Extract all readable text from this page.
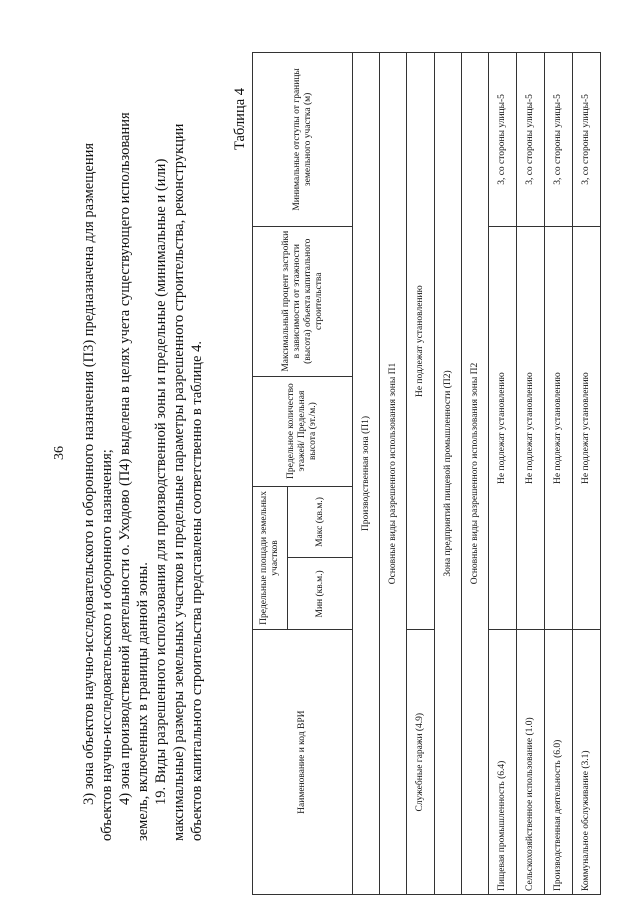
36 3) зона объектов научно-исследовательского и оборонного назначения (П3) предназначена для размещения объектов научно-исследовательского и оборонного назначения; 4) зона производственной деятельности о. Уходово (П4) выделена в целях учета существующего использования земель, включенных в границы данной зоны. 19. Виды разрешенного использования для производственной зоны и предельные (минимальные и (или) максимальные) размеры земельных участков и предельные параметры разрешенного строительства, реконструкции объектов капитального строительства представлены соответственно в таблице 4.
Таблица 4
Наименование и код ВРИ	Предельные площади земельных участков		Предельное количество этажей/ Предельная высота (эт./м.)	Максимальный процент застройки в зависимости от этажности (высота) объекта капитального строительства	Минимальные отступы от границы земельного участка (м)
	Мин (кв.м.)	Макс (кв.м.)			
Производственная зона (П1)					
Основные виды разрешенного использования зоны П1					
Служебные гаражи (4.9)	Не подлежат установлению				
Зона предприятий пищевой промышленности (П2)					
Основные виды разрешенного использования зоны П2					
Пищевая промышленность (6.4)	Не подлежат установлению				3, со стороны улицы-5
Сельскохозяйственное использование (1.0)	Не подлежат установлению				3, со стороны улицы-5
Производственная деятельность (6.0)	Не подлежат установлению				3, со стороны улицы-5
Коммунальное обслуживание (3.1)	Не подлежат установлению				3, со стороны улицы-5
